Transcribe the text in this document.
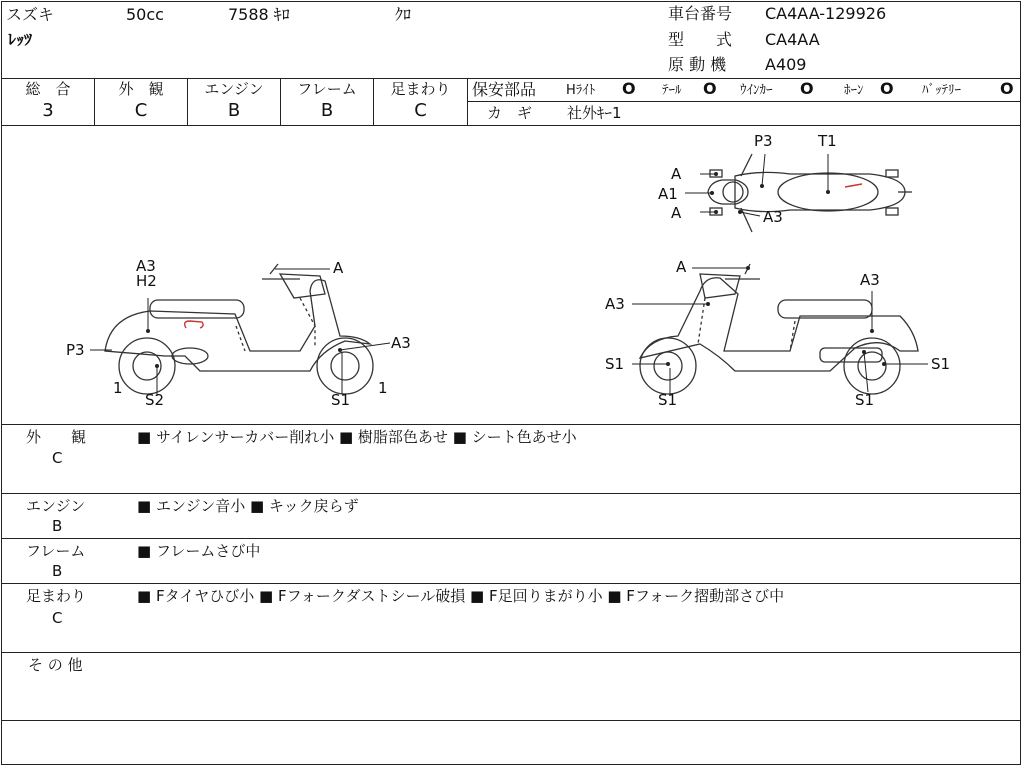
スズキ	50cc	7588 ｷﾛ	ｸﾛ
ﾚｯﾂ
車台番号 CA4AA-129926
型　　式 CA4AA
原 動 機 A409
総　合
3
外　観
C
エンジン
B
フレーム
B
足まわり
C
保安部品 Hﾗｲﾄ O ﾃｰﾙ O ｳｲﾝｶｰ O ﾎｰﾝ O ﾊﾞｯﾃﾘｰ O
カ　ギ 社外ｷｰ1
P3	T1
A
A1
A	A3
A3
H2
A
P3	A3
1
S2	S1
1
A
A3
A3
S1
S1	S1
S1
外　　観
C
■ サイレンサーカバー削れ小 ■ 樹脂部色あせ ■ シート色あせ小
エンジン
B
■ エンジン音小 ■ キック戻らず
フレーム
B
■ フレームさび中
足まわり
C
■ Fタイヤひび小 ■ Fフォークダストシール破損 ■ F足回りまがり小 ■ Fフォーク摺動部さび中
そ の 他
